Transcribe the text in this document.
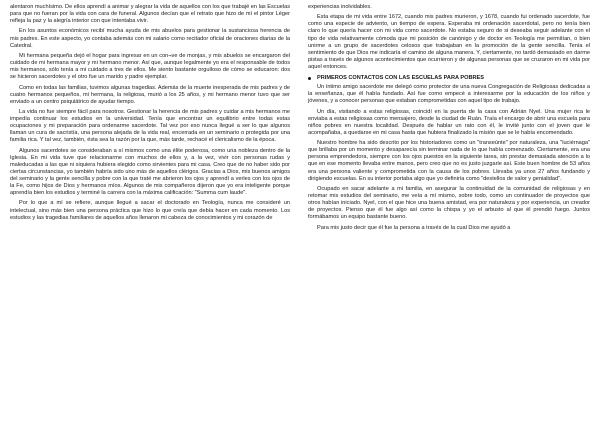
alentaron muchísimo. De ellos aprendí a animar y alegrar la vida de aquellos con los que trabajé en las Escuelas para que no fueran por la vida con cara de funeral. Algunos decían que el retrato que hizo de mí el pintor Léger refleja la paz y la alegría interior con que intentaba vivir.

En los asuntos económicos recibí mucha ayuda de mis abuelos para gestionar la sustanciosa herencia de mis padres. En este aspecto, yo contaba además con mi salario como recitador oficial de oraciones diarias de la Catedral.

Mi hermana pequeña dejó el hogar para ingresar en un con¬ve de monjas, y mis abuelos se encargaron del cuidado de mi hermana mayor y mi hermano menor. Así que, aunque legalmente yo era el responsable de todos mis hermanos, sólo tenía a mi cuidado a tres de ellos. Me siento bastante orgulloso de cómo se educaron: dos se hicieron sacerdotes y el otro fue un marido y padre ejemplar.

Como en todas las familias, tuvimos algunas tragedias. Además de la muerte inesperada de mis padres y de cuatro hermanos pequeños, mi hermana, la religiosa, murió a los 25 años, y mi hermano menor tuvo que ser enviado a un centro psiquiátrico de ayudar tiempo.

La vida no fue siempre fácil para nosotros. Gestionar la herencia de mis padres y cuidar a mis hermanos me impedía continuar los estudios en la universidad. Tenía que encontrar un equilibrio entre todas estas ocupaciones y mi preparación para ordenarme sacerdote. Tal vez por eso nunca llegué a ser lo que algunos llaman un cura de sacristía, una persona alejada de la vida real, encerrada en un seminario o protegida por una familia rica. Y tal vez, también, ésta sea la razón por la que, más tarde, rechacé el clericalismo de la época.

Algunos sacerdotes se consideraban a sí mismos como una élite poderosa, como una nobleza dentro de la Iglesia. En mi vida tuve que relacionarme con muchos de ellos y, a la vez, vivir con personas rudas y maleducadas a las que ni siquiera hubiera elegido como sirvientes para mi casa. Creo que de no haber sido por ciertas circunstancias, yo también habría sido uno más de aquellos clérigos. Gracias a Dios, mis buenos amigos del seminario y la gente sencilla y pobre con la que traté me abrieron los ojos y aprendí a verles con los ojos de la Fe, como hijos de Dios y hermanos míos. Algunos de mis compañeros dijeron que yo era inteligente porque aprendía bien los estudios y terminé la carrera con la máxima calificación: "Summa cum laude".

Por lo que a mí se refiere, aunque llegué a sacar el doctorado en Teología, nunca me consideré un intelectual, sino más bien una persona práctica que hizo lo que creía que debía hacer en cada momento. Los estudios y las tragedias familiares de aquellos años llenaron mi cabeza de conocimientos y mi corazón de

experiencias inolvidables.

Esta etapa de mi vida entre 1672, cuando mis padres murieron, y 1678, cuando fui ordenado sacerdote, fue como una especie de adviento, un tiempo de espera. Esperaba mi ordenación sacerdotal, pero no tenía bien claro lo que quería hacer con mi vida como sacerdote. No estaba seguro de si deseaba seguir adelante con el tipo de vida relativamente cómoda que mi posición de canónigo y de doctor en Teología me permitían, o bien unirme a un grupo de sacerdotes celosos que trabajaban en la promoción de la gente sencilla. Tenía el sentimiento de que Dios me indicaría el camino de alguna manera. Y, ciertamente, no tardó demasiado en darme pistas a través de algunos acontecimientos que ocurrieron y de algunas personas que se cruzaron en mi vida por aquel entonces.

PRIMEROS CONTACTOS CON LAS ESCUELAS PARA POBRES

Un íntimo amigo sacerdote me delegó como protector de una nueva Congregación de Religiosas dedicadas a la enseñanza, que él había fundado. Así fue como empecé a interesarme por la educación de los niños y jóvenes, y a conocer personas que estaban comprometidas con aquel tipo de trabajo.

Un día, visitando a estas religiosas, coincidí en la puerta de la casa con Adrián Nyel. Una mujer rica le enviaba a estas religiosas como mensajero, desde la ciudad de Ruán. Traía el encargo de abrir una escuela para niños pobres en nuestra localidad. Después de hablar un rato con él, le invité junto con el joven que le acompañaba, a quedarse en mi casa hasta que hubiera finalizado la misión que se le había encomendado.

Nuestro hombre ha sido descrito por los historiadores como un "transeúnte" por naturaleza, una "luciérnaga" que brillaba por un momento y desaparecía sin terminar nada de lo que había comenzado. Ciertamente, era una persona emprendedora, siempre con los ojos puestos en la siguiente tarea, sin prestar demasiada atención a lo que en ese momento llevaba entre manos, pero creo que no es justo juzgarle así. Este buen hombre de 53 años era una persona valiente y comprometida con la causa de los pobres. Llevaba ya unos 27 años fundando y dirigiendo escuelas. En su interior portaba algo que yo definiría como "destellos de valor y genialidad".

Ocupado en sacar adelante a mi familia, en asegurar la continuidad de la comunidad de religiosas y en retomar mis estudios del seminario, me veía a mí mismo, sobre todo, como un continuador de proyectos que otros habían iniciado. Nyel, con el que hice una buena amistad, era por naturaleza y por experiencia, un creador de proyectos. Pienso que él fue algo así como la chispa y yo el arbusto al que él prendió fuego. Juntos formábamos un equipo bastante bueno.

Para mis justo decir que él fue la persona a través de la cual Dios me ayudó a
